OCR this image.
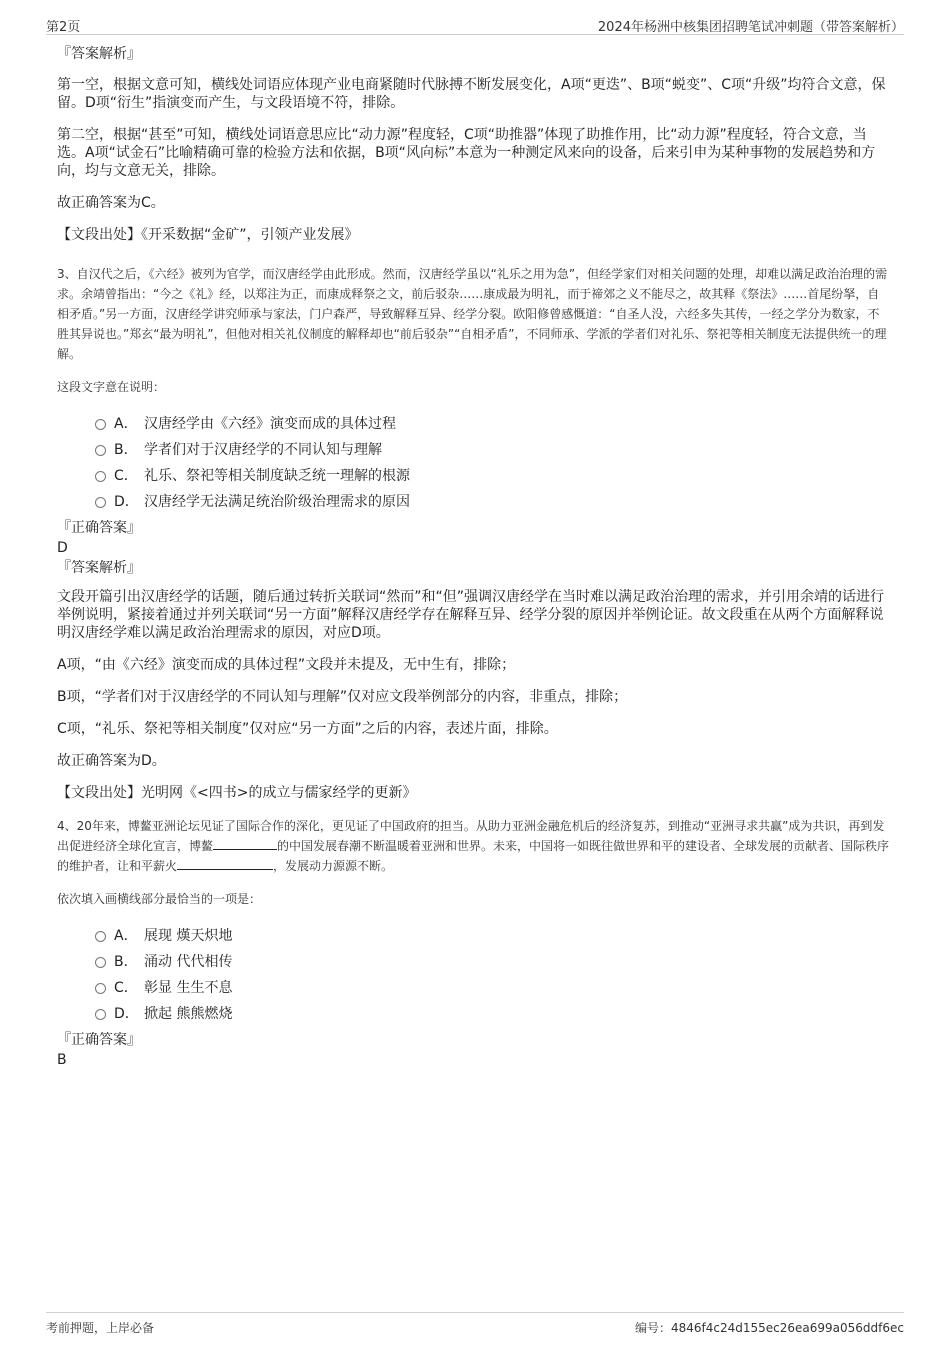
第2页	2024年杨洲中核集团招聘笔试冲刺题（带答案解析）
『答案解析』

第一空，根据文意可知，横线处词语应体现产业电商紧随时代脉搏不断发展变化，A项“更迭”、B项“蜕变”、C项“升级”均符合文意，保留。D项“衍生”指演变而产生，与文段语境不符，排除。

第二空，根据“甚至”可知，横线处词语意思应比“动力源”程度轻，C项“助推器”体现了助推作用，比“动力源”程度轻，符合文意，当选。A项“试金石”比喻精确可靠的检验方法和依据，B项“风向标”本意为一种测定风来向的设备，后来引申为某种事物的发展趋势和方向，均与文意无关，排除。

故正确答案为C。

【文段出处】《开采数据“金矿”，引领产业发展》

3、自汉代之后，《六经》被列为官学，而汉唐经学由此形成。然而，汉唐经学虽以“礼乐之用为急”，但经学家们对相关问题的处理，却难以满足政治治理的需求。余靖曾指出：“今之《礼》经，以郑注为正，而康成释祭之文，前后驳杂……康成最为明礼，而于禘郊之义不能尽之，故其释《祭法》……首尾纷拏，自相矛盾。”另一方面，汉唐经学讲究师承与家法，门户森严，导致解释互异、经学分裂。欧阳修曾感慨道：“自圣人没，六经多失其传，一经之学分为数家，不胜其异说也。”郑玄“最为明礼”，但他对相关礼仪制度的解释却也“前后驳杂”“自相矛盾”，不同师承、学派的学者们对礼乐、祭祀等相关制度无法提供统一的理解。

这段文字意在说明：

A． 汉唐经学由《六经》演变而成的具体过程
B． 学者们对于汉唐经学的不同认知与理解
C． 礼乐、祭祀等相关制度缺乏统一理解的根源
D． 汉唐经学无法满足统治阶级治理需求的原因
『正确答案』
D
『答案解析』

文段开篇引出汉唐经学的话题，随后通过转折关联词“然而”和“但”强调汉唐经学在当时难以满足政治治理的需求，并引用余靖的话进行举例说明，紧接着通过并列关联词“另一方面”解释汉唐经学存在解释互异、经学分裂的原因并举例论证。故文段重在从两个方面解释说明汉唐经学难以满足政治治理需求的原因，对应D项。

A项，“由《六经》演变而成的具体过程”文段并未提及，无中生有，排除；

B项，“学者们对于汉唐经学的不同认知与理解”仅对应文段举例部分的内容，非重点，排除；

C项，“礼乐、祭祀等相关制度”仅对应“另一方面”之后的内容，表述片面，排除。

故正确答案为D。

【文段出处】光明网《<四书>的成立与儒家经学的更新》

4、20年来，博鳌亚洲论坛见证了国际合作的深化，更见证了中国政府的担当。从助力亚洲金融危机后的经济复苏，到推动“亚洲寻求共赢”成为共识，再到发出促进经济全球化宣言，博鳌	的中国发展春潮不断温暖着亚洲和世界。未来，中国将一如既往做世界和平的建设者、全球发展的贡献者、国际秩序的维护者，让和平薪火	，发展动力源源不断。

依次填入画横线部分最恰当的一项是：

A． 展现 熯天炽地
B． 涌动 代代相传
C． 彰显 生生不息
D． 掀起 熊熊燃烧
『正确答案』
B
考前押题，上岸必备	编号：4846f4c24d155ec26ea699a056ddf6ec
